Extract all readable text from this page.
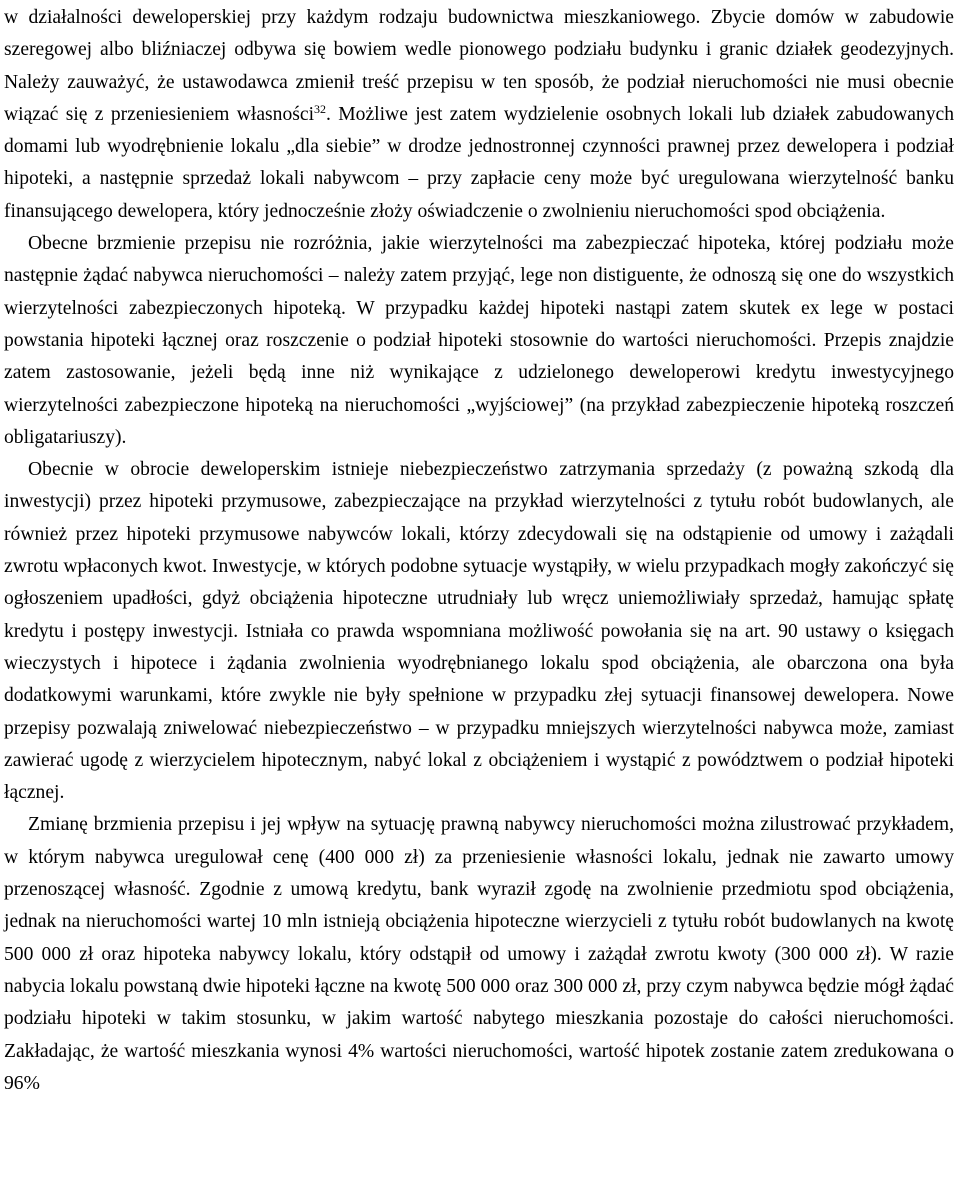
w działalności deweloperskiej przy każdym rodzaju budownictwa mieszkaniowego. Zbycie domów w zabudowie szeregowej albo bliźniaczej odbywa się bowiem wedle pionowego podziału budynku i granic działek geodezyjnych. Należy zauważyć, że ustawodawca zmienił treść przepisu w ten sposób, że podział nieruchomości nie musi obecnie wiązać się z przeniesieniem własności$^{32}$. Możliwe jest zatem wydzielenie osobnych lokali lub działek zabudowanych domami lub wyodrębnienie lokalu „dla siebie” w drodze jednostronnej czynności prawnej przez dewelopera i podział hipoteki, a następnie sprzedaż lokali nabywcom – przy zapłacie ceny może być uregulowana wierzytelność banku finansującego dewelopera, który jednocześnie złoży oświadczenie o zwolnieniu nieruchomości spod obciążenia.

Obecne brzmienie przepisu nie rozróżnia, jakie wierzytelności ma zabezpieczać hipoteka, której podziału może następnie żądać nabywca nieruchomości – należy zatem przyjąć, lege non distiguente, że odnoszą się one do wszystkich wierzytelności zabezpieczonych hipoteką. W przypadku każdej hipoteki nastąpi zatem skutek ex lege w postaci powstania hipoteki łącznej oraz roszczenie o podział hipoteki stosownie do wartości nieruchomości. Przepis znajdzie zatem zastosowanie, jeżeli będą inne niż wynikające z udzielonego deweloperowi kredytu inwestycyjnego wierzytelności zabezpieczone hipoteką na nieruchomości „wyjściowej” (na przykład zabezpieczenie hipoteką roszczeń obligatariuszy).

Obecnie w obrocie deweloperskim istnieje niebezpieczeństwo zatrzymania sprzedaży (z poważną szkodą dla inwestycji) przez hipoteki przymusowe, zabezpieczające na przykład wierzytelności z tytułu robót budowlanych, ale również przez hipoteki przymusowe nabywców lokali, którzy zdecydowali się na odstąpienie od umowy i zażądali zwrotu wpłaconych kwot. Inwestycje, w których podobne sytuacje wystąpiły, w wielu przypadkach mogły zakończyć się ogłoszeniem upadłości, gdyż obciążenia hipoteczne utrudniały lub wręcz uniemożliwiały sprzedaż, hamując spłatę kredytu i postępy inwestycji. Istniała co prawda wspomniana możliwość powołania się na art. 90 ustawy o księgach wieczystych i hipotece i żądania zwolnienia wyodrębnianego lokalu spod obciążenia, ale obarczona ona była dodatkowymi warunkami, które zwykle nie były spełnione w przypadku złej sytuacji finansowej dewelopera. Nowe przepisy pozwalają zniwelować niebezpieczeństwo – w przypadku mniejszych wierzytelności nabywca może, zamiast zawierać ugodę z wierzycielem hipotecznym, nabyć lokal z obciążeniem i wystąpić z powództwem o podział hipoteki łącznej.

Zmianę brzmienia przepisu i jej wpływ na sytuację prawną nabywcy nieruchomości można zilustrować przykładem, w którym nabywca uregulował cenę (400 000 zł) za przeniesienie własności lokalu, jednak nie zawarto umowy przenoszącej własność. Zgodnie z umową kredytu, bank wyraził zgodę na zwolnienie przedmiotu spod obciążenia, jednak na nieruchomości wartej 10 mln istnieją obciążenia hipoteczne wierzycieli z tytułu robót budowlanych na kwotę 500 000 zł oraz hipoteka nabywcy lokalu, który odstąpił od umowy i zażądał zwrotu kwoty (300 000 zł). W razie nabycia lokalu powstaną dwie hipoteki łączne na kwotę 500 000 oraz 300 000 zł, przy czym nabywca będzie mógł żądać podziału hipoteki w takim stosunku, w jakim wartość nabytego mieszkania pozostaje do całości nieruchomości. Zakładając, że wartość mieszkania wynosi 4% wartości nieruchomości, wartość hipotek zostanie zatem zredukowana o 96%
